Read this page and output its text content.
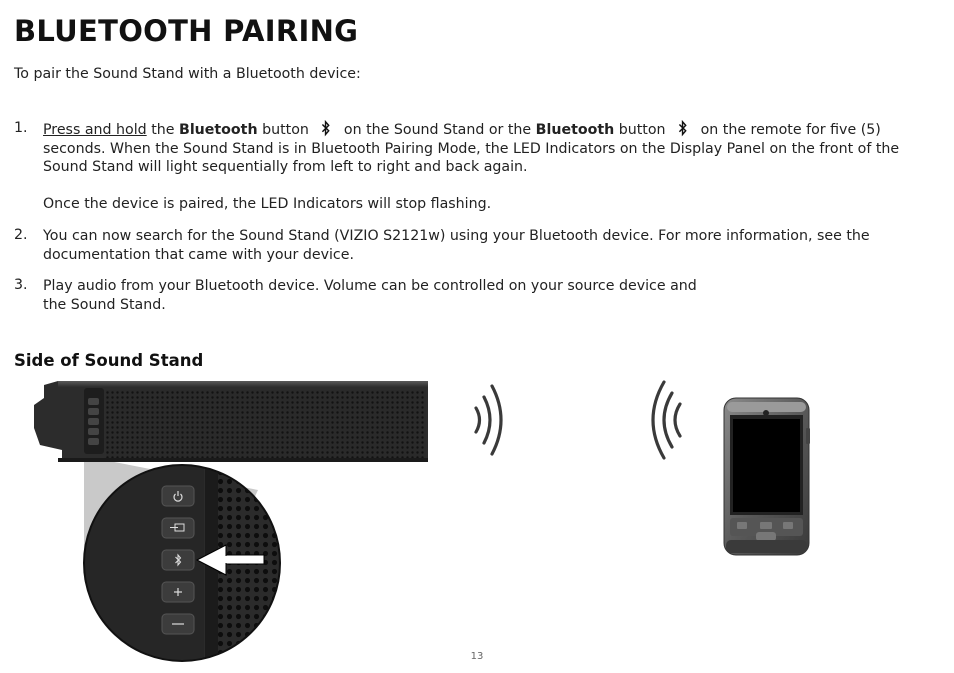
BLUETOOTH PAIRING

To pair the Sound Stand with a Bluetooth device:

1. Press and hold the Bluetooth button on the Sound Stand or the Bluetooth button on the remote for five (5)
seconds. When the Sound Stand is in Bluetooth Pairing Mode, the LED Indicators on the Display Panel on the front of the
Sound Stand will light sequentially from left to right and back again.
Once the device is paired, the LED Indicators will stop flashing.
2. You can now search for the Sound Stand (VIZIO S2121w) using your Bluetooth device. For more information, see the
documentation that came with your device.
3. Play audio from your Bluetooth device. Volume can be controlled on your source device and
the Sound Stand.
Side of Sound Stand
13
